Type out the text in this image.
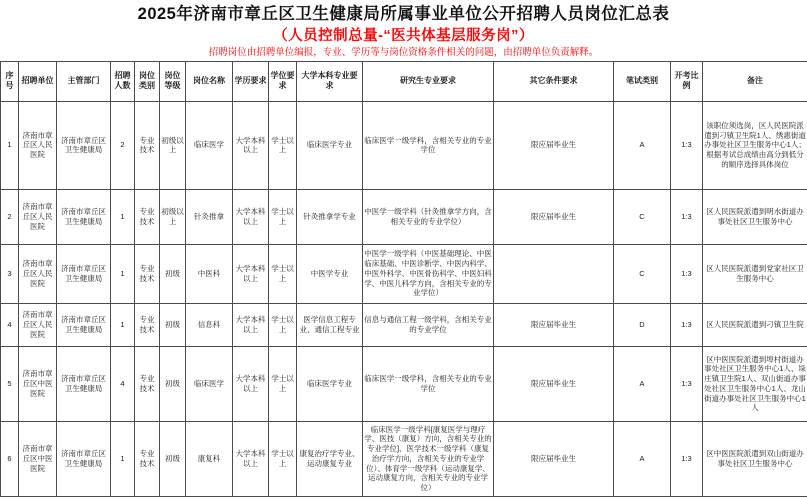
2025年济南市章丘区卫生健康局所属事业单位公开招聘人员岗位汇总表
（人员控制总量-“医共体基层服务岗”）
招聘岗位由招聘单位编报，专业、学历等与岗位资格条件相关的问题，由招聘单位负责解释。
序号	招聘单位	主管部门	招聘人数	岗位类别	岗位等级	岗位名称	学历要求	学位要求	大学本科专业要求	研究生专业要求	其它条件要求	笔试类别	开考比例	备注
1	济南市章丘区人民医院	济南市章丘区卫生健康局	2	专业技术	初级以上	临床医学	大学本科以上	学士以上	临床医学专业	临床医学一级学科，含相关专业的专业学位	限应届毕业生	A	1:3	该职位须选岗，区人民医院派遣到刁镇卫生院1人、绣惠街道办事处社区卫生服务中心1人；根据考试总成绩由高分到低分的顺序选择具体岗位
2	济南市章丘区人民医院	济南市章丘区卫生健康局	1	专业技术	初级以上	针灸推拿	大学本科以上	学士以上	针灸推拿学专业	中医学一级学科（针灸推拿学方向，含相关专业的专业学位）	限应届毕业生	C	1:3	区人民医院派遣到明水街道办事处社区卫生服务中心
3	济南市章丘区人民医院	济南市章丘区卫生健康局	1	专业技术	初级	中医科	大学本科以上	学士以上	中医学专业	中医学一级学科（中医基础理论、中医临床基础、中医诊断学、中医内科学、中医外科学、中医骨伤科学、中医妇科学、中医儿科学方向，含相关专业的专业学位）		C	1:3	区人民医院派遣到党家社区卫生服务中心
4	济南市章丘区人民医院	济南市章丘区卫生健康局	1	专业技术	初级	信息科	大学本科以上	学士以上	医学信息工程专业、通信工程专业	信息与通信工程一级学科，含相关专业的专业学位	限应届毕业生	D	1:3	区人民医院派遣到刁镇卫生院
5	济南市章丘区中医医院	济南市章丘区卫生健康局	4	专业技术	初级	临床医学	大学本科以上	学士以上	临床医学专业	临床医学一级学科，含相关专业的专业学位	限应届毕业生	A	1:3	区中医医院派遣到埠村街道办事处社区卫生服务中心1人、垛庄镇卫生院1人、双山街道办事处社区卫生服务中心1人、龙山街道办事处社区卫生服务中心1人
6	济南市章丘区中医医院	济南市章丘区卫生健康局	1	专业技术	初级	康复科	大学本科以上	学士以上	康复治疗学专业、运动康复专业	临床医学一级学科[康复医学与理疗学、医技（康复）方向，含相关专业的专业学位]、医学技术一级学科（康复治疗学方向，含相关专业的专业学位）、体育学一级学科（运动康复学、运动康复方向，含相关专业的专业学位）	限应届毕业生	A	1:3	区中医医院派遣到双山街道办事处社区卫生服务中心
